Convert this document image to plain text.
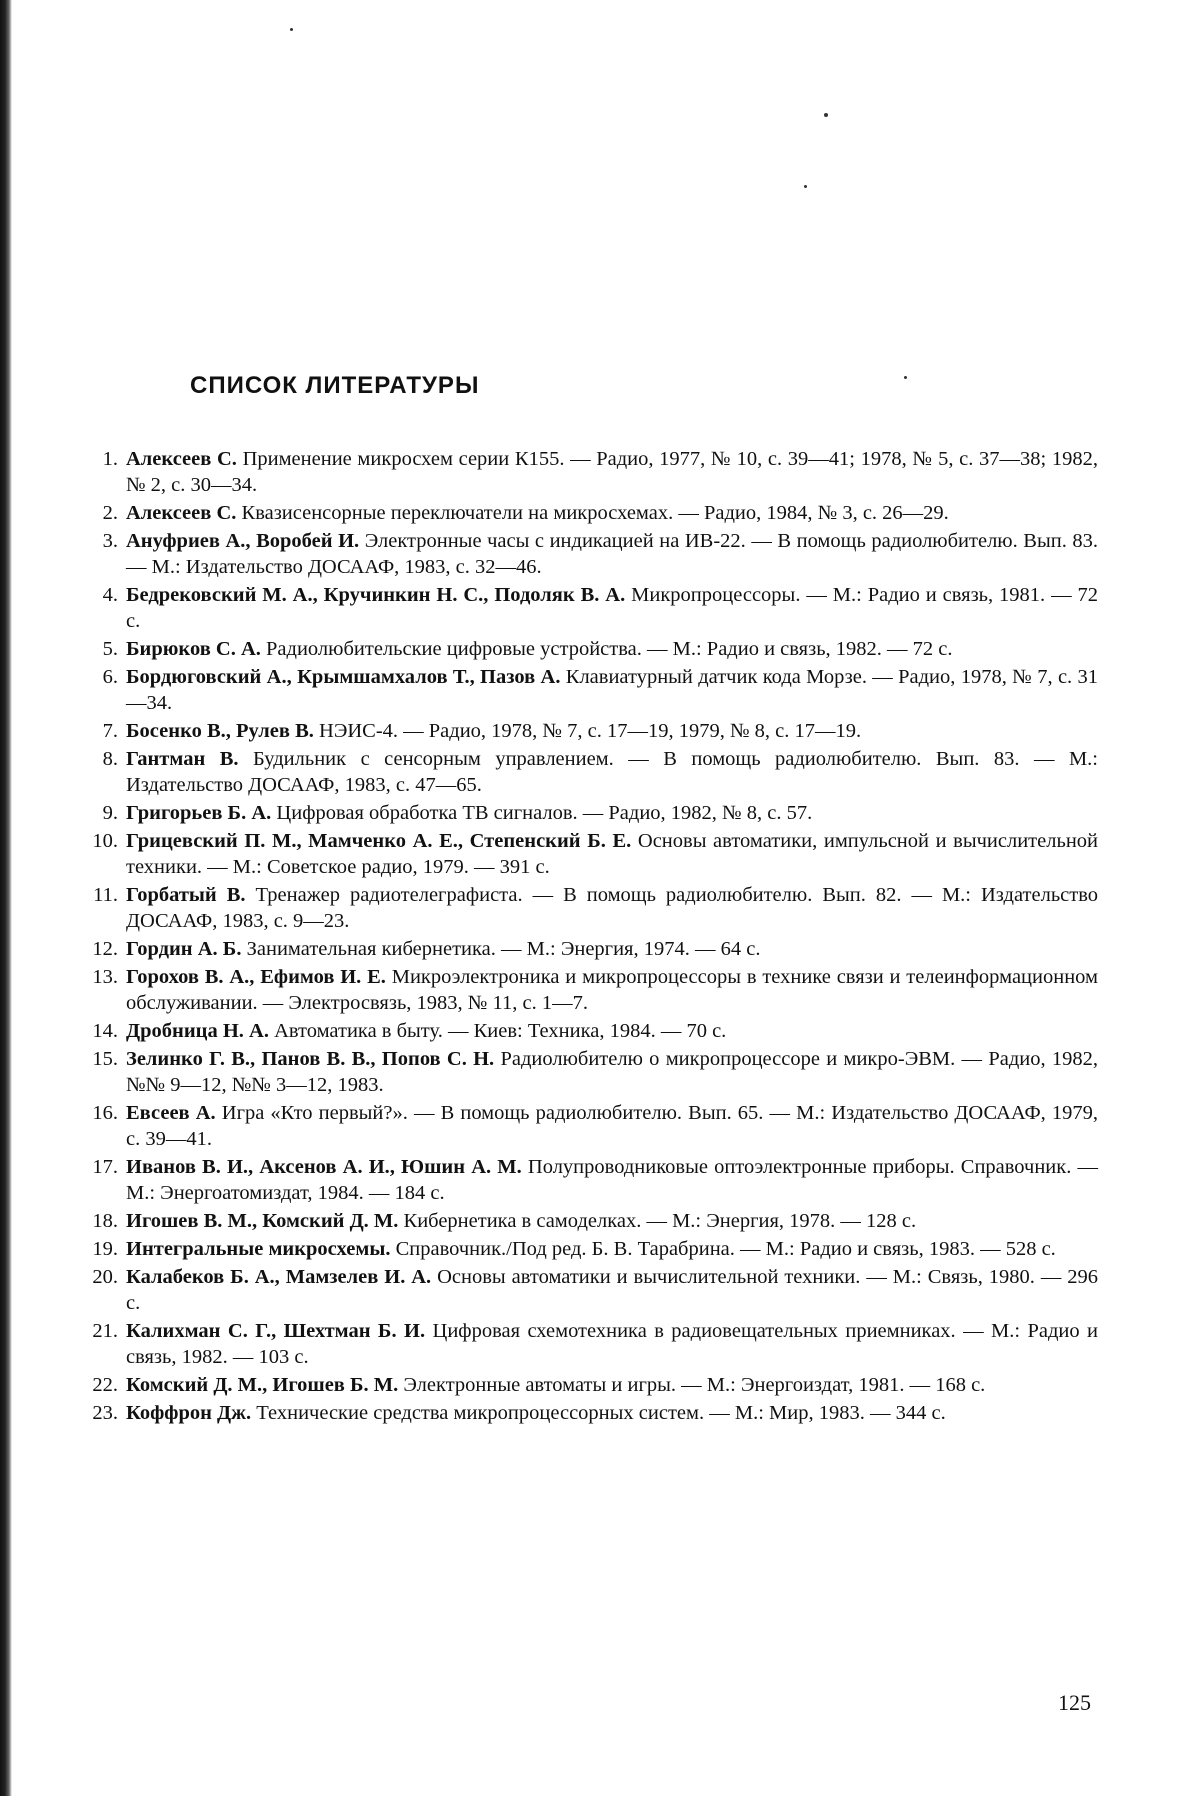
СПИСОК ЛИТЕРАТУРЫ
1. Алексеев С. Применение микросхем серии К155. — Радио, 1977, № 10, с. 39—41; 1978, № 5, с. 37—38; 1982, № 2, с. 30—34.
2. Алексеев С. Квазисенсорные переключатели на микросхемах. — Радио, 1984, № 3, с. 26—29.
3. Ануфриев А., Воробей И. Электронные часы с индикацией на ИВ-22. — В помощь радиолюбителю. Вып. 83. — М.: Издательство ДОСААФ, 1983, с. 32—46.
4. Бедрековский М. А., Кручинкин Н. С., Подоляк В. А. Микропроцессоры. — М.: Радио и связь, 1981. — 72 с.
5. Бирюков С. А. Радиолюбительские цифровые устройства. — М.: Радио и связь, 1982. — 72 с.
6. Бордюговский А., Крымшамхалов Т., Пазов А. Клавиатурный датчик кода Морзе. — Радио, 1978, № 7, с. 31—34.
7. Босенко В., Рулев В. НЭИС-4. — Радио, 1978, № 7, с. 17—19, 1979, № 8, с. 17—19.
8. Гантман В. Будильник с сенсорным управлением. — В помощь радиолюбителю. Вып. 83. — М.: Издательство ДОСААФ, 1983, с. 47—65.
9. Григорьев Б. А. Цифровая обработка ТВ сигналов. — Радио, 1982, № 8, с. 57.
10. Грицевский П. М., Мамченко А. Е., Степенский Б. Е. Основы автоматики, импульсной и вычислительной техники. — М.: Советское радио, 1979. — 391 с.
11. Горбатый В. Тренажер радиотелеграфиста. — В помощь радиолюбителю. Вып. 82. — М.: Издательство ДОСААФ, 1983, с. 9—23.
12. Гордин А. Б. Занимательная кибернетика. — М.: Энергия, 1974. — 64 с.
13. Горохов В. А., Ефимов И. Е. Микроэлектроника и микропроцессоры в технике связи и телеинформационном обслуживании. — Электросвязь, 1983, № 11, с. 1—7.
14. Дробница Н. А. Автоматика в быту. — Киев: Техника, 1984. — 70 с.
15. Зелинко Г. В., Панов В. В., Попов С. Н. Радиолюбителю о микропроцессоре и микро-ЭВМ. — Радио, 1982, №№ 9—12, №№ 3—12, 1983.
16. Евсеев А. Игра «Кто первый?». — В помощь радиолюбителю. Вып. 65. — М.: Издательство ДОСААФ, 1979, с. 39—41.
17. Иванов В. И., Аксенов А. И., Юшин А. М. Полупроводниковые оптоэлектронные приборы. Справочник. — М.: Энергоатомиздат, 1984. — 184 с.
18. Игошев В. М., Комский Д. М. Кибернетика в самоделках. — М.: Энергия, 1978. — 128 с.
19. Интегральные микросхемы. Справочник./Под ред. Б. В. Тарабрина. — М.: Радио и связь, 1983. — 528 с.
20. Калабеков Б. А., Мамзелев И. А. Основы автоматики и вычислительной техники. — М.: Связь, 1980. — 296 с.
21. Калихман С. Г., Шехтман Б. И. Цифровая схемотехника в радиовещательных приемниках. — М.: Радио и связь, 1982. — 103 с.
22. Комский Д. М., Игошев Б. М. Электронные автоматы и игры. — М.: Энергоиздат, 1981. — 168 с.
23. Коффрон Дж. Технические средства микропроцессорных систем. — М.: Мир, 1983. — 344 с.
125
